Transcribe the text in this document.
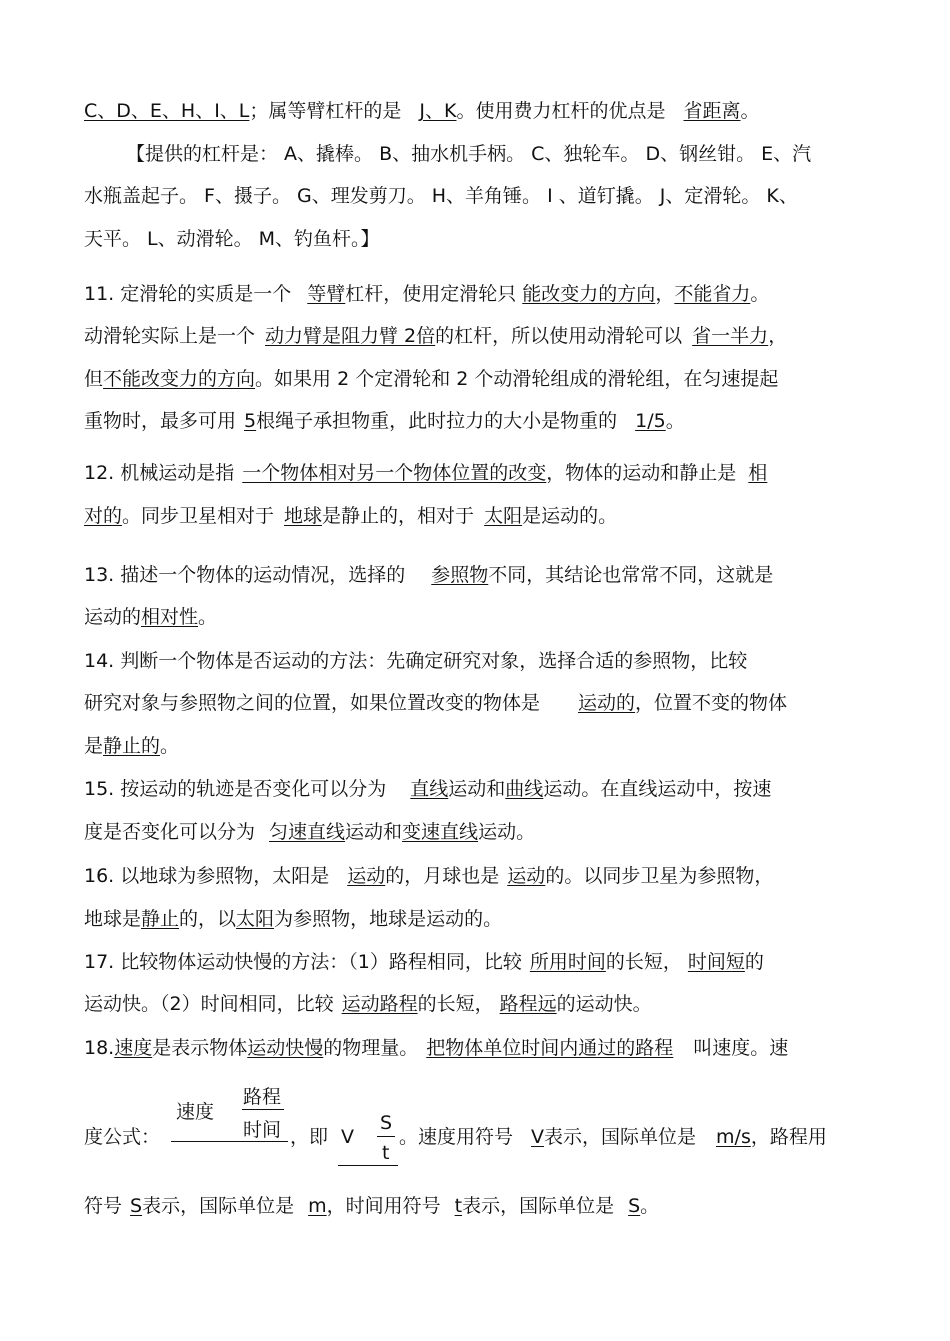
C、D、E、H、I、L；属等臂杠杆的是 J、K。使用费力杠杆的优点是 省距离。
【提供的杠杆是： A、撬棒。 B、抽水机手柄。 C、独轮车。 D、钢丝钳。 E、汽
水瓶盖起子。 F、摄子。 G、理发剪刀。 H、羊角锤。 I 、道钉撬。 J、定滑轮。 K、
天平。 L、动滑轮。 M、钓鱼杆。】
11. 定滑轮的实质是一个 等臂杠杆，使用定滑轮只 能改变力的方向，不能省力。
动滑轮实际上是一个 动力臂是阻力臂 2倍的杠杆，所以使用动滑轮可以 省一半力，
但不能改变力的方向。如果用 2 个定滑轮和 2 个动滑轮组成的滑轮组，在匀速提起
重物时，最多可用 5根绳子承担物重，此时拉力的大小是物重的 1/5。
12. 机械运动是指 一个物体相对另一个物体位置的改变，物体的运动和静止是 相
对的。同步卫星相对于 地球是静止的，相对于 太阳是运动的。
13. 描述一个物体的运动情况，选择的 参照物不同，其结论也常常不同，这就是
运动的相对性。
14. 判断一个物体是否运动的方法：先确定研究对象，选择合适的参照物，比较
研究对象与参照物之间的位置，如果位置改变的物体是 运动的，位置不变的物体
是静止的。
15. 按运动的轨迹是否变化可以分为 直线运动和曲线运动。在直线运动中，按速
度是否变化可以分为 匀速直线运动和变速直线运动。
16. 以地球为参照物，太阳是 运动的，月球也是 运动的。以同步卫星为参照物，
地球是静止的，以太阳为参照物，地球是运动的。
17. 比较物体运动快慢的方法：（1）路程相同，比较 所用时间的长短， 时间短的
运动快。（2）时间相同，比较 运动路程的长短， 路程远的运动快。
18.速度是表示物体运动快慢的物理量。 把物体单位时间内通过的路程 叫速度。速
速度
路程
时间
度公式：	，即 V
S
t
。速度用符号 V表示，国际单位是 m/s，路程用
符号 S表示，国际单位是 m，时间用符号 t表示，国际单位是 S。
